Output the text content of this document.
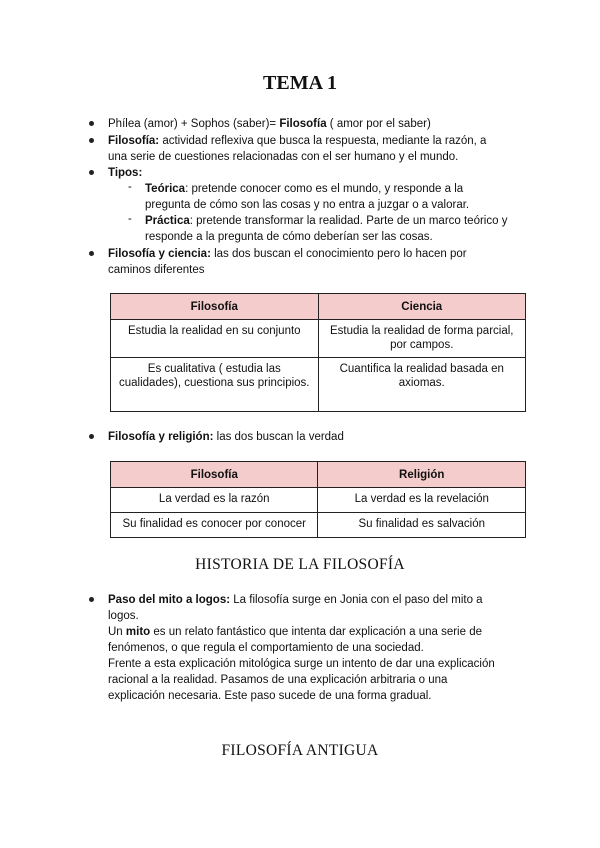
TEMA 1
Phílea (amor) + Sophos (saber)= Filosofía ( amor por el saber)
Filosofía: actividad reflexiva que busca la respuesta, mediante la razón, a
una serie de cuestiones relacionadas con el ser humano y el mundo.
Tipos:
- Teórica: pretende conocer como es el mundo, y responde a la
pregunta de cómo son las cosas y no entra a juzgar o a valorar.
- Práctica: pretende transformar la realidad. Parte de un marco teórico y
responde a la pregunta de cómo deberían ser las cosas.
Filosofía y ciencia: las dos buscan el conocimiento pero lo hacen por
caminos diferentes
Filosofía	Ciencia
Estudia la realidad en su conjunto	Estudia la realidad de forma parcial, por campos.
Es cualitativa ( estudia las cualidades), cuestiona sus principios.	Cuantifica la realidad basada en axiomas.
Filosofía y religión: las dos buscan la verdad
Filosofía	Religión
La verdad es la razón	La verdad es la revelación
Su finalidad es conocer por conocer	Su finalidad es salvación
HISTORIA DE LA FILOSOFÍA
Paso del mito a logos: La filosofía surge en Jonia con el paso del mito a
logos.
Un mito es un relato fantástico que intenta dar explicación a una serie de
fenómenos, o que regula el comportamiento de una sociedad.
Frente a esta explicación mitológica surge un intento de dar una explicación
racional a la realidad. Pasamos de una explicación arbitraria o una
explicación necesaria. Este paso sucede de una forma gradual.
FILOSOFÍA ANTIGUA
